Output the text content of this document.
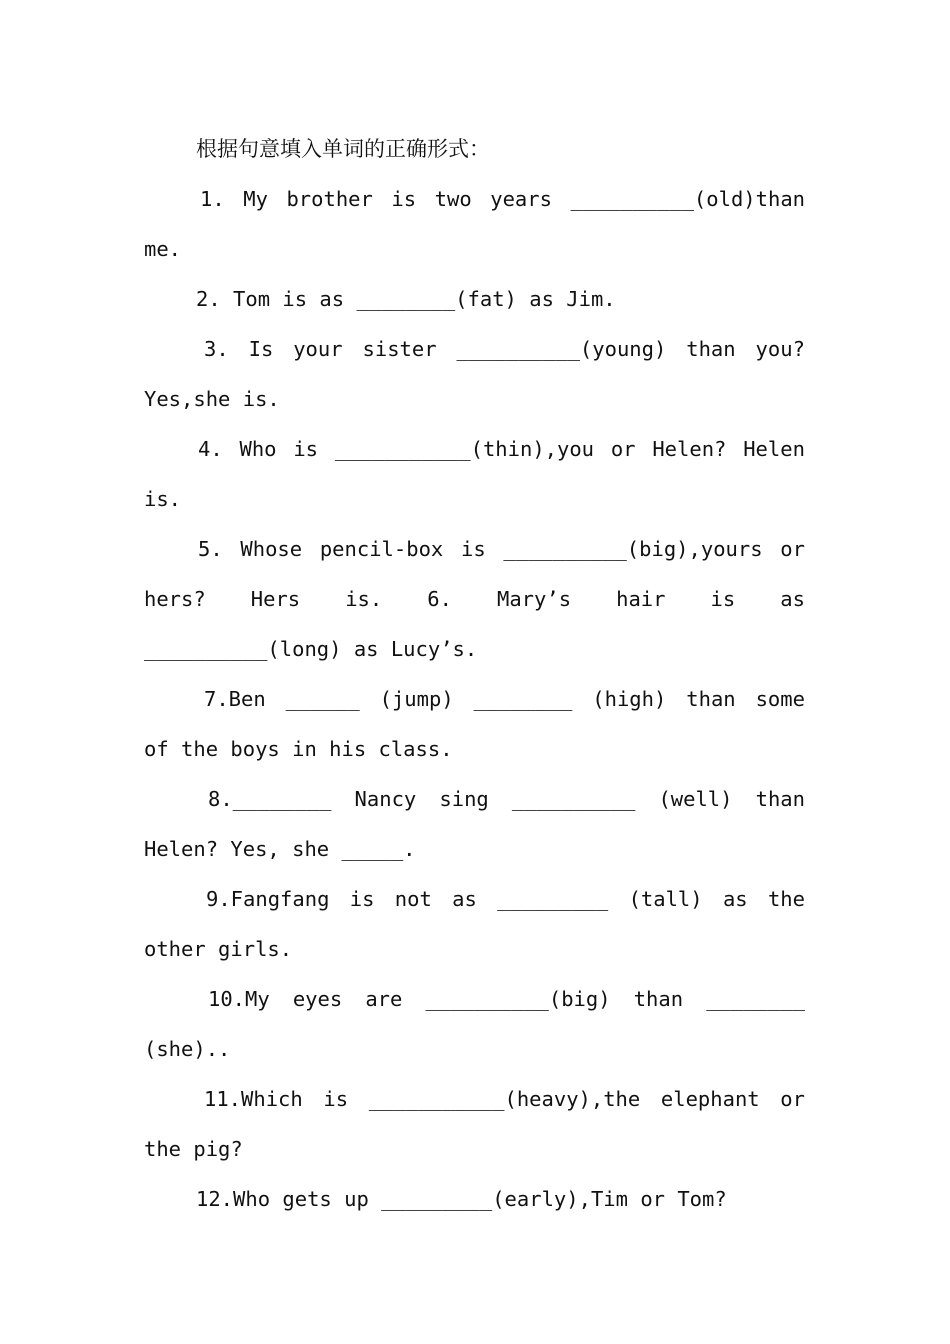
根据句意填入单词的正确形式：
1. My brother is two years __________(old)than
me.
2. Tom is as ________(fat) as Jim.
3. Is your sister __________(young) than you?
Yes,she is.
4. Who is ___________(thin),you or Helen? Helen
is.
5. Whose pencil-box is __________(big),yours or
hers? Hers is. 6. Mary’s hair is as
__________(long) as Lucy’s.
7.Ben ______ (jump) ________ (high) than some
of the boys in his class.
8.________ Nancy sing __________ (well) than
Helen? Yes, she _____.
9.Fangfang is not as _________ (tall) as the
other girls.
10.My eyes are __________(big) than ________
(she)..
11.Which is ___________(heavy),the elephant or
the pig?
12.Who gets up _________(early),Tim or Tom?
